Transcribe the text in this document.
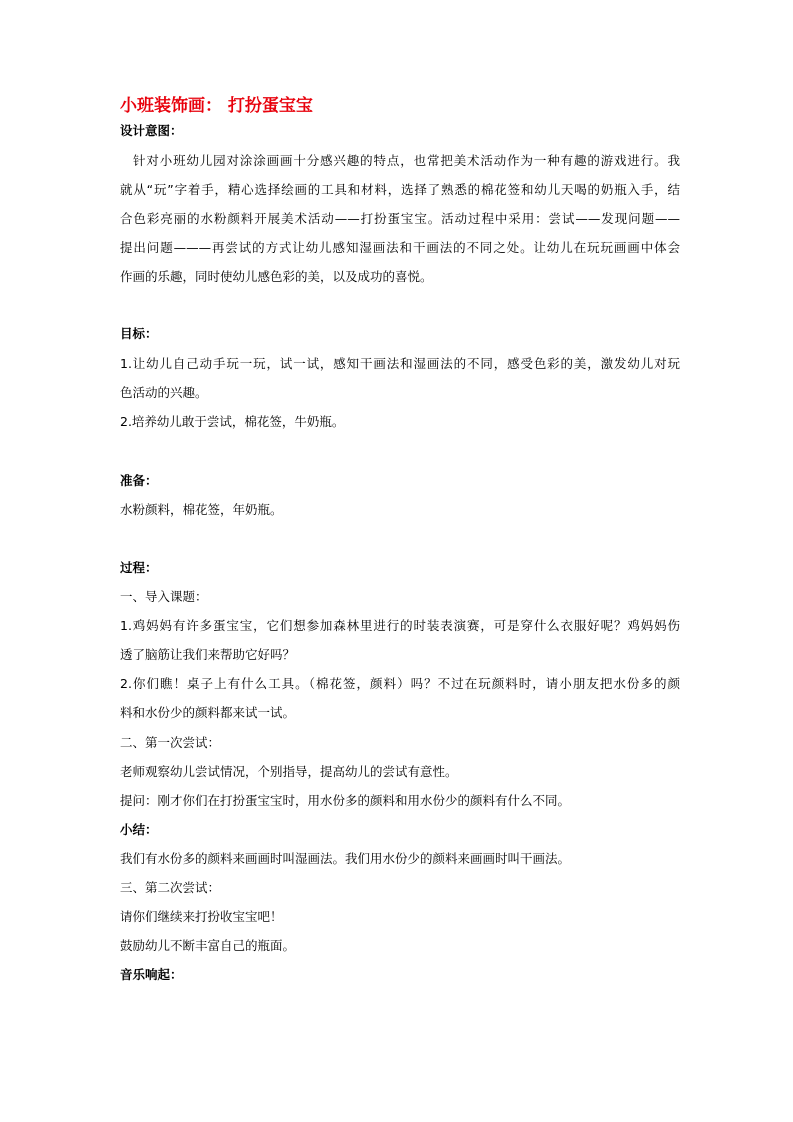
小班装饰画： 打扮蛋宝宝
设计意图：
针对小班幼儿园对涂涂画画十分感兴趣的特点，也常把美术活动作为一种有趣的游戏进行。我
就从“玩”字着手，精心选择绘画的工具和材料，选择了熟悉的棉花签和幼儿天喝的奶瓶入手，结
合色彩亮丽的水粉颜料开展美术活动——打扮蛋宝宝。活动过程中采用：尝试——发现问题——
提出问题———再尝试的方式让幼儿感知湿画法和干画法的不同之处。让幼儿在玩玩画画中体会
作画的乐趣，同时使幼儿感色彩的美，以及成功的喜悦。
目标：
1.让幼儿自己动手玩一玩，试一试，感知干画法和湿画法的不同，感受色彩的美，激发幼儿对玩
色活动的兴趣。
2.培养幼儿敢于尝试，棉花签，牛奶瓶。
准备：
水粉颜料，棉花签，年奶瓶。
过程：
一、导入课题：
1.鸡妈妈有许多蛋宝宝，它们想参加森林里进行的时装表演赛，可是穿什么衣服好呢？鸡妈妈伤
透了脑筋让我们来帮助它好吗？
2.你们瞧！桌子上有什么工具。（棉花签，颜料）吗？不过在玩颜料时，请小朋友把水份多的颜
料和水份少的颜料都来试一试。
二、第一次尝试：
老师观察幼儿尝试情况，个别指导，提高幼儿的尝试有意性。
提问：刚才你们在打扮蛋宝宝时，用水份多的颜料和用水份少的颜料有什么不同。
小结：
我们有水份多的颜料来画画时叫湿画法。我们用水份少的颜料来画画时叫干画法。
三、第二次尝试：
请你们继续来打扮收宝宝吧！
鼓励幼儿不断丰富自己的瓶面。
音乐响起：
